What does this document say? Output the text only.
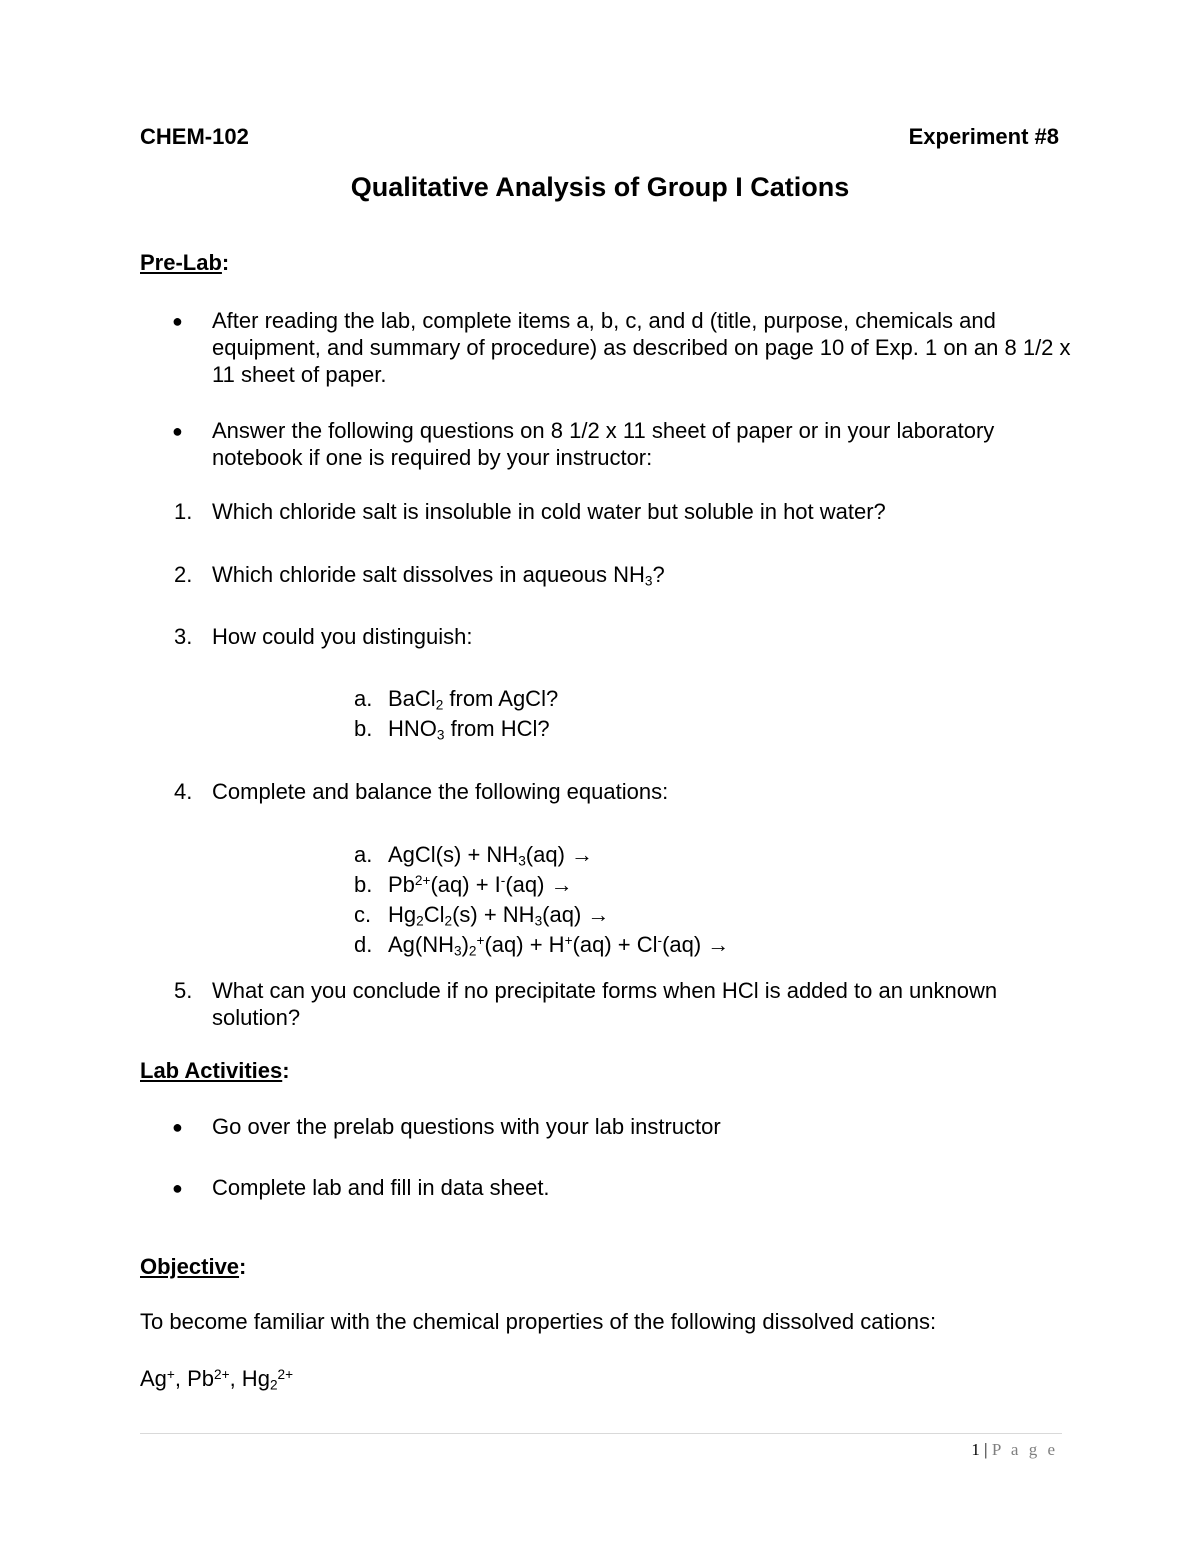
CHEM-102	Experiment #8
Qualitative Analysis of Group I Cations
Pre-Lab:
● After reading the lab, complete items a, b, c, and d (title, purpose, chemicals and equipment, and summary of procedure) as described on page 10 of Exp. 1 on an 8 1/2 x 11 sheet of paper.
● Answer the following questions on 8 1/2 x 11 sheet of paper or in your laboratory notebook if one is required by your instructor:
1. Which chloride salt is insoluble in cold water but soluble in hot water?
2. Which chloride salt dissolves in aqueous $NH_3$?
3. How could you distinguish:
a. BaCl$_2$ from AgCl?
b. $HNO_3$ from HCl?
4. Complete and balance the following equations:
a. AgCl(s) + $NH_3(aq)$ →
b. $Pb^{2+}(aq) + I^-(aq)$ →
c. $Hg_2Cl_2(s) + NH_3(aq)$ →
d. $Ag(NH_3)_2^+(aq) + H^+(aq) + Cl^-(aq)$ →
5. What can you conclude if no precipitate forms when HCl is added to an unknown solution?
Lab Activities:
● Go over the prelab questions with your lab instructor
● Complete lab and fill in data sheet.
Objective:
To become familiar with the chemical properties of the following dissolved cations:
Ag+, $Pb^{2+}$, $Hg_2^{2+}$
1 | P a g e
